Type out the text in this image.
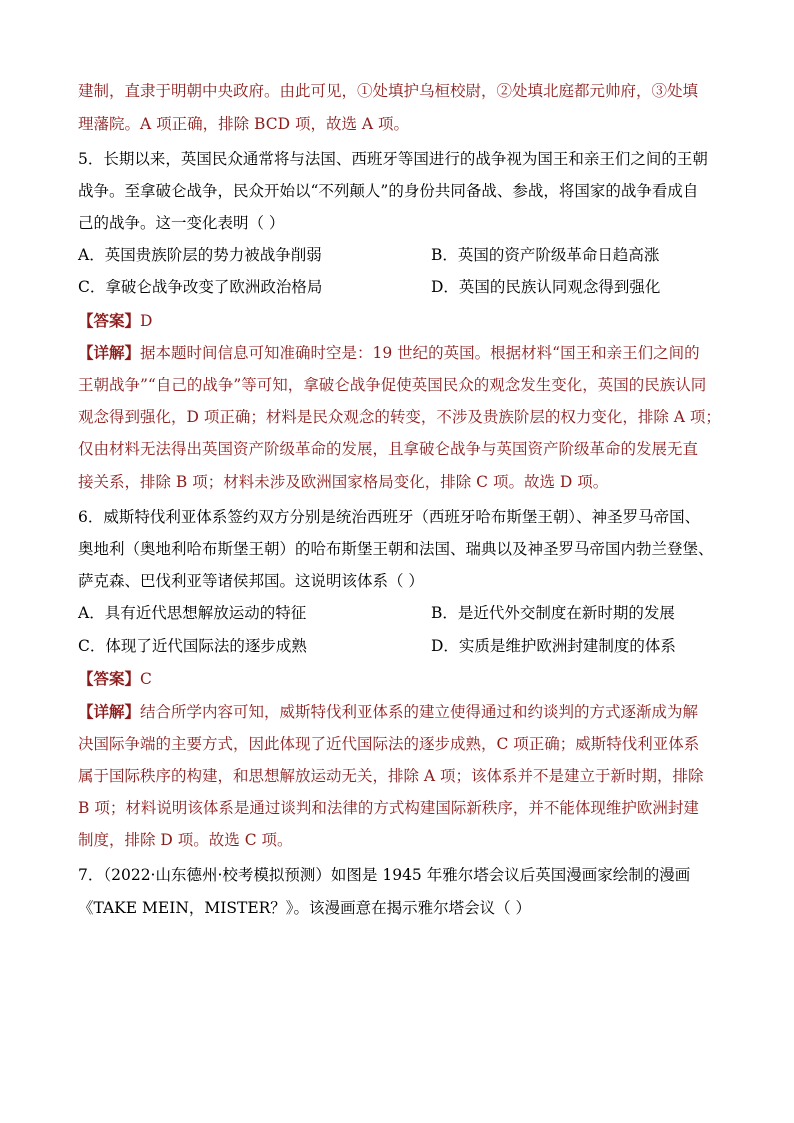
建制，直隶于明朝中央政府。由此可见，①处填护乌桓校尉，②处填北庭都元帅府，③处填

理藩院。A 项正确，排除 BCD 项，故选 A 项。

5．长期以来，英国民众通常将与法国、西班牙等国进行的战争视为国王和亲王们之间的王朝

战争。至拿破仑战争，民众开始以“不列颠人”的身份共同备战、参战，将国家的战争看成自

己的战争。这一变化表明（ ）

A．英国贵族阶层的势力被战争削弱	B．英国的资产阶级革命日趋高涨

C．拿破仑战争改变了欧洲政治格局	D．英国的民族认同观念得到强化

【答案】D

【详解】据本题时间信息可知准确时空是：19 世纪的英国。根据材料“国王和亲王们之间的

王朝战争”“自己的战争”等可知，拿破仑战争促使英国民众的观念发生变化，英国的民族认同

观念得到强化，D 项正确；材料是民众观念的转变，不涉及贵族阶层的权力变化，排除 A 项；

仅由材料无法得出英国资产阶级革命的发展，且拿破仑战争与英国资产阶级革命的发展无直

接关系，排除 B 项；材料未涉及欧洲国家格局变化，排除 C 项。故选 D 项。

6．威斯特伐利亚体系签约双方分别是统治西班牙（西班牙哈布斯堡王朝）、神圣罗马帝国、

奥地利（奥地利哈布斯堡王朝）的哈布斯堡王朝和法国、瑞典以及神圣罗马帝国内勃兰登堡、

萨克森、巴伐利亚等诸侯邦国。这说明该体系（ ）

A．具有近代思想解放运动的特征	B．是近代外交制度在新时期的发展

C．体现了近代国际法的逐步成熟	D．实质是维护欧洲封建制度的体系

【答案】C

【详解】结合所学内容可知，威斯特伐利亚体系的建立使得通过和约谈判的方式逐渐成为解

决国际争端的主要方式，因此体现了近代国际法的逐步成熟，C 项正确；威斯特伐利亚体系

属于国际秩序的构建，和思想解放运动无关，排除 A 项；该体系并不是建立于新时期，排除

B 项；材料说明该体系是通过谈判和法律的方式构建国际新秩序，并不能体现维护欧洲封建

制度，排除 D 项。故选 C 项。

7．（2022·山东德州·校考模拟预测）如图是 1945 年雅尔塔会议后英国漫画家绘制的漫画

《TAKE MEIN，MISTER？》。该漫画意在揭示雅尔塔会议（ ）
